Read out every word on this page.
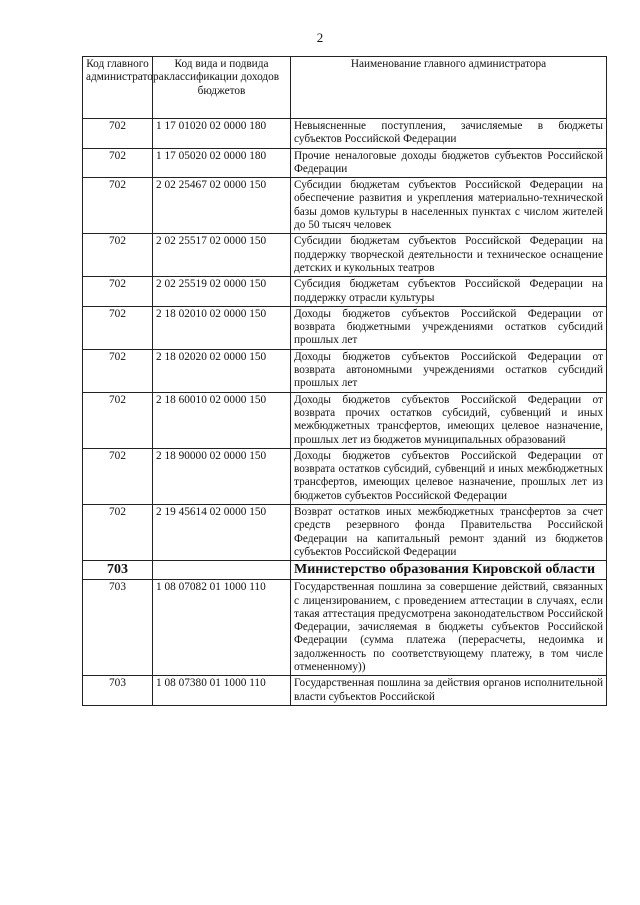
2
Код главного администратора	Код вида и подвида классификации доходов бюджетов	Наименование главного администратора
702	1 17 01020 02 0000 180	Невыясненные поступления, зачисляемые в бюджеты субъектов Российской Федерации
702	1 17 05020 02 0000 180	Прочие неналоговые доходы бюджетов субъектов Российской Федерации
702	2 02 25467 02 0000 150	Субсидии бюджетам субъектов Российской Федерации на обеспечение развития и укрепления материально-технической базы домов культуры в населенных пунктах с числом жителей до 50 тысяч человек
702	2 02 25517 02 0000 150	Субсидии бюджетам субъектов Российской Федерации на поддержку творческой деятельности и техническое оснащение детских и кукольных театров
702	2 02 25519 02 0000 150	Субсидия бюджетам субъектов Российской Федерации на поддержку отрасли культуры
702	2 18 02010 02 0000 150	Доходы бюджетов субъектов Российской Федерации от возврата бюджетными учреждениями остатков субсидий прошлых лет
702	2 18 02020 02 0000 150	Доходы бюджетов субъектов Российской Федерации от возврата автономными учреждениями остатков субсидий прошлых лет
702	2 18 60010 02 0000 150	Доходы бюджетов субъектов Российской Федерации от возврата прочих остатков субсидий, субвенций и иных межбюджетных трансфертов, имеющих целевое назначение, прошлых лет из бюджетов муниципальных образований
702	2 18 90000 02 0000 150	Доходы бюджетов субъектов Российской Федерации от возврата остатков субсидий, субвенций и иных межбюджетных трансфертов, имеющих целевое назначение, прошлых лет из бюджетов субъектов Российской Федерации
702	2 19 45614 02 0000 150	Возврат остатков иных межбюджетных трансфертов за счет средств резервного фонда Правительства Российской Федерации на капитальный ремонт зданий из бюджетов субъектов Российской Федерации
703		Министерство образования Кировской области
703	1 08 07082 01 1000 110	Государственная пошлина за совершение действий, связанных с лицензированием, с проведением аттестации в случаях, если такая аттестация предусмотрена законодательством Российской Федерации, зачисляемая в бюджеты субъектов Российской Федерации (сумма платежа (перерасчеты, недоимка и задолженность по соответствующему платежу, в том числе отмененному))
703	1 08 07380 01 1000 110	Государственная пошлина за действия органов исполнительной власти субъектов Российской
